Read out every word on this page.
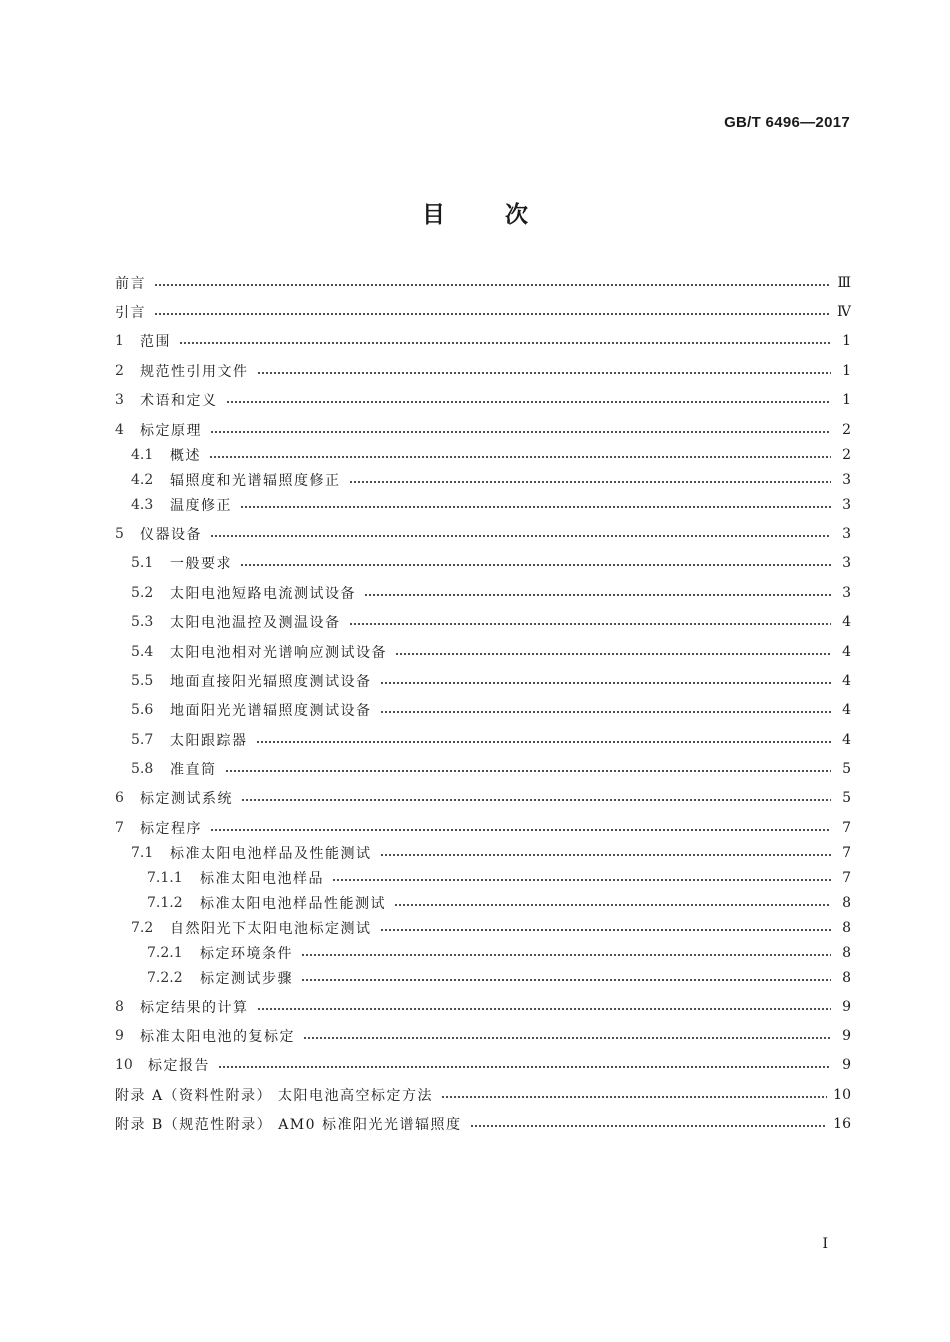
GB/T 6496—2017
目次
前言	Ⅲ
引言	Ⅳ
1	范围	1
2	规范性引用文件	1
3	术语和定义	1
4	标定原理	2
4.1	概述	2
4.2	辐照度和光谱辐照度修正	3
4.3	温度修正	3
5	仪器设备	3
5.1	一般要求	3
5.2	太阳电池短路电流测试设备	3
5.3	太阳电池温控及测温设备	4
5.4	太阳电池相对光谱响应测试设备	4
5.5	地面直接阳光辐照度测试设备	4
5.6	地面阳光光谱辐照度测试设备	4
5.7	太阳跟踪器	4
5.8	准直筒	5
6	标定测试系统	5
7	标定程序	7
7.1	标准太阳电池样品及性能测试	7
7.1.1	标准太阳电池样品	7
7.1.2	标准太阳电池样品性能测试	8
7.2	自然阳光下太阳电池标定测试	8
7.2.1	标定环境条件	8
7.2.2	标定测试步骤	8
8	标定结果的计算	9
9	标准太阳电池的复标定	9
10	标定报告	9
附录 A（资料性附录） 太阳电池高空标定方法	10
附录 B（规范性附录） AM0 标准阳光光谱辐照度	16
Ⅰ
